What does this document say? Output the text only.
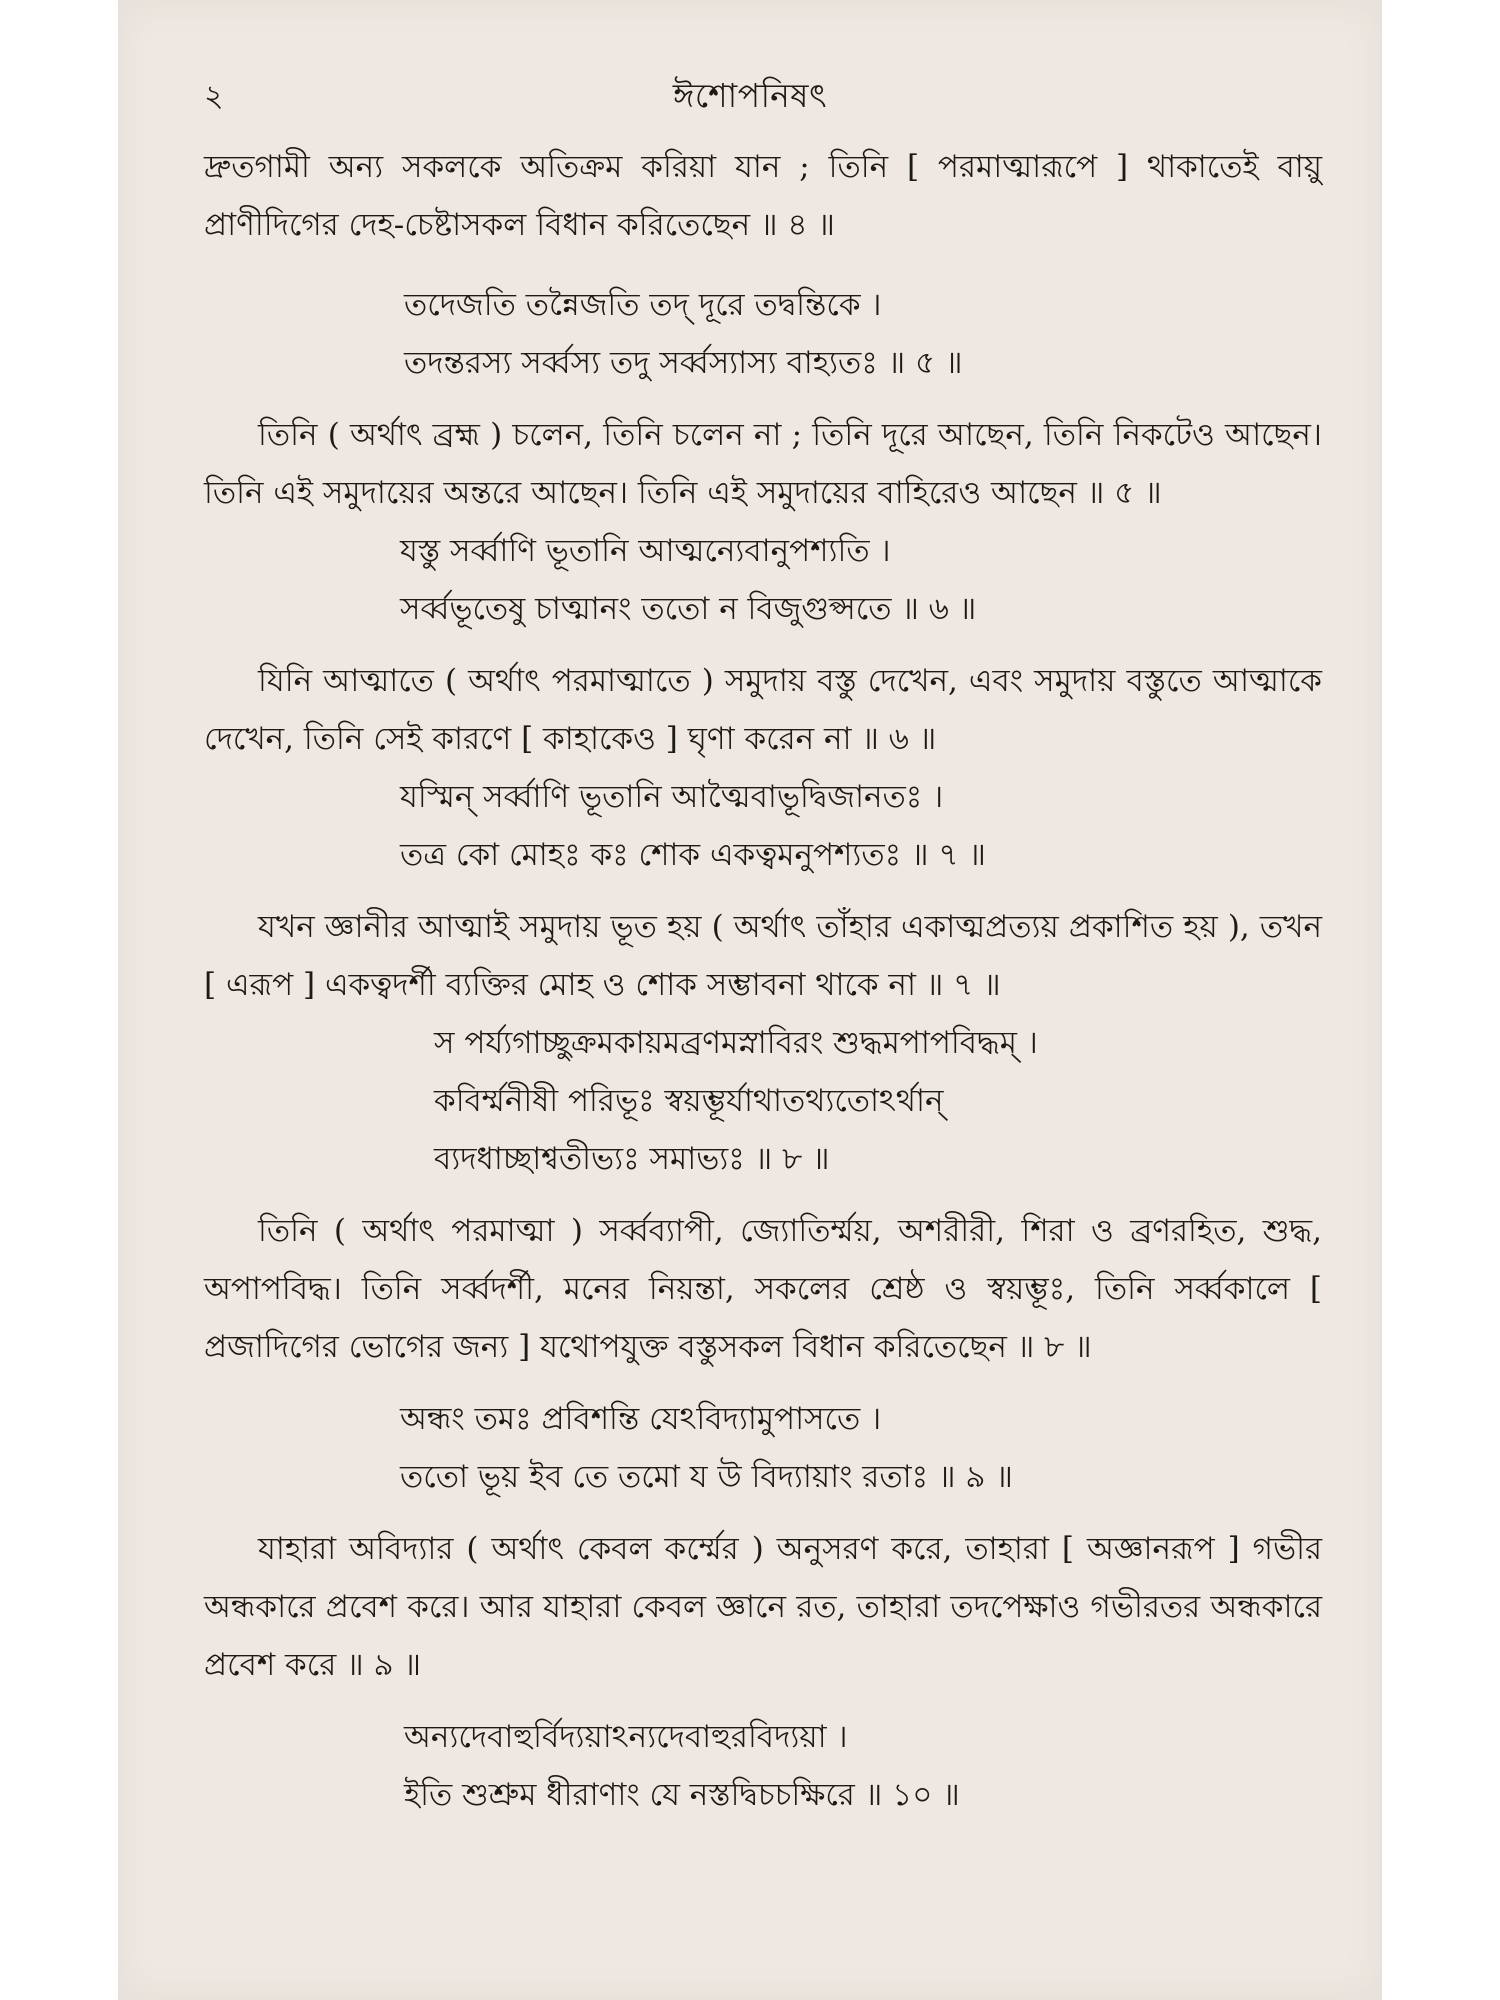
২	ঈশোপনিষৎ

দ্রুতগামী অন্য সকলকে অতিক্রম করিয়া যান ; তিনি [ পরমাত্মারূপে ] থাকাতেই বায়ু প্রাণীদিগের দেহ-চেষ্টাসকল বিধান করিতেছেন ॥ ৪ ॥

তদেজতি তন্নৈজতি তদ্ দূরে তদ্বন্তিকে ।
তদন্তরস্য সর্ব্বস্য তদু সর্ব্বস্যাস্য বাহ্যতঃ ॥ ৫ ॥

তিনি ( অর্থাৎ ব্রহ্ম ) চলেন, তিনি চলেন না ; তিনি দূরে আছেন, তিনি নিকটেও আছেন। তিনি এই সমুদায়ের অন্তরে আছেন। তিনি এই সমুদায়ের বাহিরেও আছেন ॥ ৫ ॥

যস্তু সর্ব্বাণি ভূতানি আত্মন্যেবানুপশ্যতি ।
সর্ব্বভূতেষু চাত্মানং ততো ন বিজুগুপ্সতে ॥ ৬ ॥

যিনি আত্মাতে ( অর্থাৎ পরমাত্মাতে ) সমুদায় বস্তু দেখেন, এবং সমুদায় বস্তুতে আত্মাকে দেখেন, তিনি সেই কারণে [ কাহাকেও ] ঘৃণা করেন না ॥ ৬ ॥

যস্মিন্ সর্ব্বাণি ভূতানি আত্মৈবাভূদ্বিজানতঃ ।
তত্র কো মোহঃ কঃ শোক একত্বমনুপশ্যতঃ ॥ ৭ ॥

যখন জ্ঞানীর আত্মাই সমুদায় ভূত হয় ( অর্থাৎ তাঁহার একাত্মপ্রত্যয় প্রকাশিত হয় ), তখন [ এরূপ ] একত্বদর্শী ব্যক্তির মোহ ও শোক সম্ভাবনা থাকে না ॥ ৭ ॥

স পর্য্যগাচ্ছুক্রমকায়মব্রণমস্নাবিরং শুদ্ধমপাপবিদ্ধম্ ।
কবির্ম্মনীষী পরিভূঃ স্বয়ম্ভূর্যাথাতথ্যতোঽর্থান্
ব্যদধাচ্ছাশ্বতীভ্যঃ সমাভ্যঃ ॥ ৮ ॥

তিনি ( অর্থাৎ পরমাত্মা ) সর্ব্বব্যাপী, জ্যোতির্ম্ময়, অশরীরী, শিরা ও ব্রণরহিত, শুদ্ধ, অপাপবিদ্ধ। তিনি সর্ব্বদর্শী, মনের নিয়ন্তা, সকলের শ্রেষ্ঠ ও স্বয়ম্ভূঃ, তিনি সর্ব্বকালে [ প্রজাদিগের ভোগের জন্য ] যথোপযুক্ত বস্তুসকল বিধান করিতেছেন ॥ ৮ ॥

অন্ধং তমঃ প্রবিশন্তি যেঽবিদ্যামুপাসতে ।
ততো ভূয় ইব তে তমো য উ বিদ্যায়াং রতাঃ ॥ ৯ ॥

যাহারা অবিদ্যার ( অর্থাৎ কেবল কর্ম্মের ) অনুসরণ করে, তাহারা [ অজ্ঞানরূপ ] গভীর অন্ধকারে প্রবেশ করে। আর যাহারা কেবল জ্ঞানে রত, তাহারা তদপেক্ষাও গভীরতর অন্ধকারে প্রবেশ করে ॥ ৯ ॥

অন্যদেবাহুর্বিদ্যয়াঽন্যদেবাহুরবিদ্যয়া ।
ইতি শুশ্রুম ধীরাণাং যে নস্তদ্বিচচক্ষিরে ॥ ১০ ॥
